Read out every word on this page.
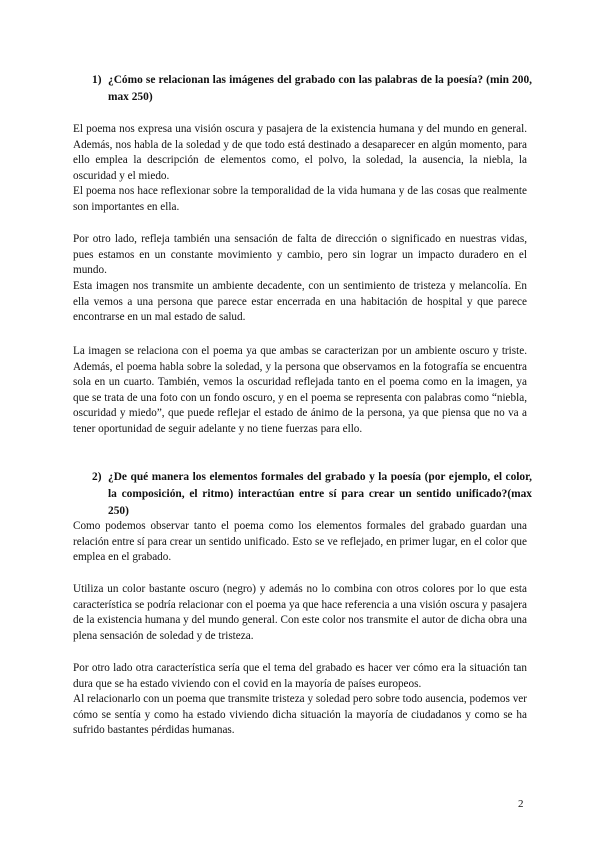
1) ¿Cómo se relacionan las imágenes del grabado con las palabras de la poesía? (min 200, max 250)

El poema nos expresa una visión oscura y pasajera de la existencia humana y del mundo en general. Además, nos habla de la soledad y de que todo está destinado a desaparecer en algún momento, para ello emplea la descripción de elementos como, el polvo, la soledad, la ausencia, la niebla, la oscuridad y el miedo.

El poema nos hace reflexionar sobre la temporalidad de la vida humana y de las cosas que realmente son importantes en ella.

Por otro lado, refleja también una sensación de falta de dirección o significado en nuestras vidas, pues estamos en un constante movimiento y cambio, pero sin lograr un impacto duradero en el mundo.

Esta imagen nos transmite un ambiente decadente, con un sentimiento de tristeza y melancolía. En ella vemos a una persona que parece estar encerrada en una habitación de hospital y que parece encontrarse en un mal estado de salud.

La imagen se relaciona con el poema ya que ambas se caracterizan por un ambiente oscuro y triste. Además, el poema habla sobre la soledad, y la persona que observamos en la fotografía se encuentra sola en un cuarto. También, vemos la oscuridad reflejada tanto en el poema como en la imagen, ya que se trata de una foto con un fondo oscuro, y en el poema se representa con palabras como “niebla, oscuridad y miedo”, que puede reflejar el estado de ánimo de la persona, ya que piensa que no va a tener oportunidad de seguir adelante y no tiene fuerzas para ello.

2) ¿De qué manera los elementos formales del grabado y la poesía (por ejemplo, el color, la composición, el ritmo) interactúan entre sí para crear un sentido unificado?(max 250)

Como podemos observar tanto el poema como los elementos formales del grabado guardan una relación entre sí para crear un sentido unificado. Esto se ve reflejado, en primer lugar, en el color que emplea en el grabado.

Utiliza un color bastante oscuro (negro) y además no lo combina con otros colores por lo que esta característica se podría relacionar con el poema ya que hace referencia a una visión oscura y pasajera de la existencia humana y del mundo general. Con este color nos transmite el autor de dicha obra una plena sensación de soledad y de tristeza.

Por otro lado otra característica sería que el tema del grabado es hacer ver cómo era la situación tan dura que se ha estado viviendo con el covid en la mayoría de países europeos.

Al relacionarlo con un poema que transmite tristeza y soledad pero sobre todo ausencia, podemos ver cómo se sentía y como ha estado viviendo dicha situación la mayoría de ciudadanos y como se ha sufrido bastantes pérdidas humanas.

2
